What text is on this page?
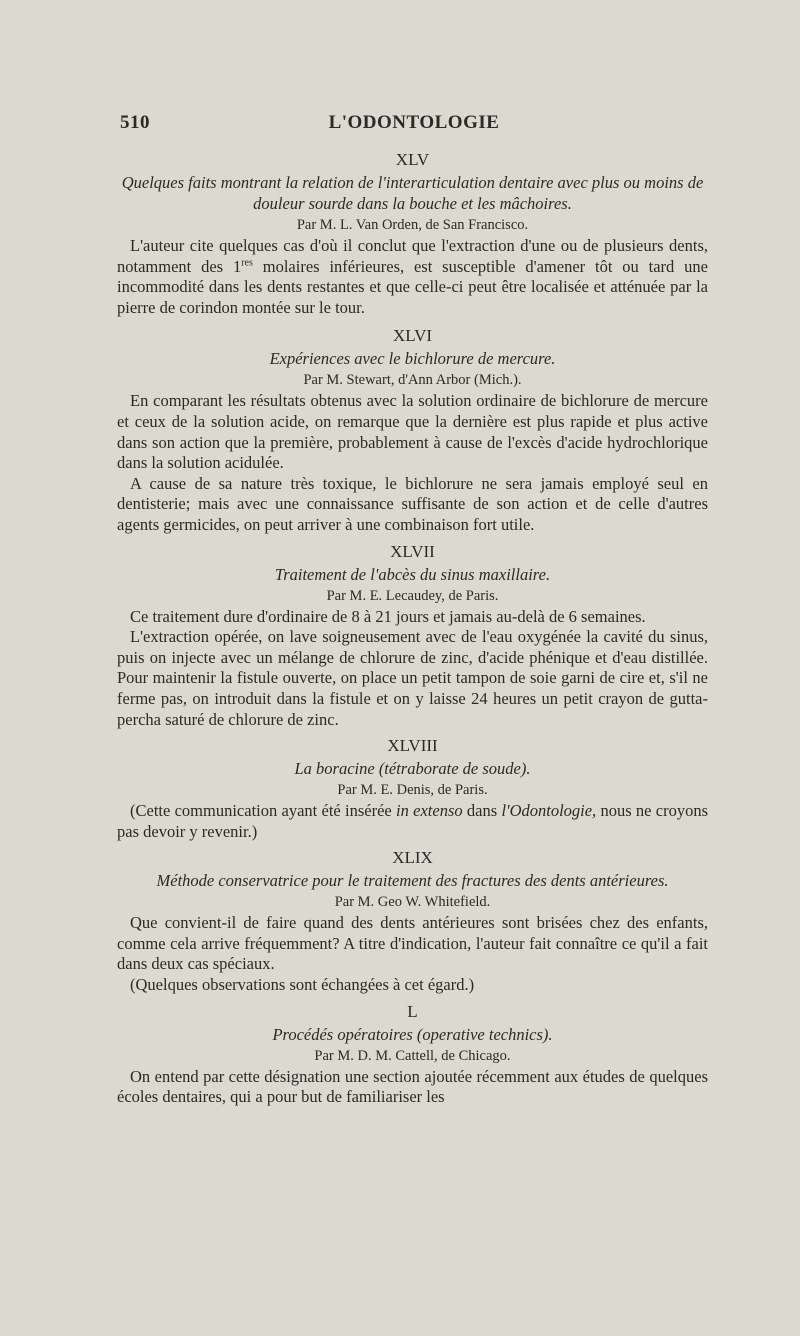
510	L'ODONTOLOGIE

XLV

Quelques faits montrant la relation de l'interarticulation dentaire avec plus ou moins de douleur sourde dans la bouche et les mâchoires.

Par M. L. Van Orden, de San Francisco.

L'auteur cite quelques cas d'où il conclut que l'extraction d'une ou de plusieurs dents, notamment des 1res molaires inférieures, est susceptible d'amener tôt ou tard une incommodité dans les dents restantes et que celle-ci peut être localisée et atténuée par la pierre de corindon montée sur le tour.

XLVI

Expériences avec le bichlorure de mercure.

Par M. Stewart, d'Ann Arbor (Mich.).

En comparant les résultats obtenus avec la solution ordinaire de bichlorure de mercure et ceux de la solution acide, on remarque que la dernière est plus rapide et plus active dans son action que la première, probablement à cause de l'excès d'acide hydrochlorique dans la solution acidulée.

A cause de sa nature très toxique, le bichlorure ne sera jamais employé seul en dentisterie; mais avec une connaissance suffisante de son action et de celle d'autres agents germicides, on peut arriver à une combinaison fort utile.

XLVII

Traitement de l'abcès du sinus maxillaire.

Par M. E. Lecaudey, de Paris.

Ce traitement dure d'ordinaire de 8 à 21 jours et jamais au-delà de 6 semaines.

L'extraction opérée, on lave soigneusement avec de l'eau oxygénée la cavité du sinus, puis on injecte avec un mélange de chlorure de zinc, d'acide phénique et d'eau distillée. Pour maintenir la fistule ouverte, on place un petit tampon de soie garni de cire et, s'il ne ferme pas, on introduit dans la fistule et on y laisse 24 heures un petit crayon de gutta-percha saturé de chlorure de zinc.

XLVIII

La boracine (tétraborate de soude).

Par M. E. Denis, de Paris.

(Cette communication ayant été insérée in extenso dans l'Odontologie, nous ne croyons pas devoir y revenir.)

XLIX

Méthode conservatrice pour le traitement des fractures des dents antérieures.

Par M. Geo W. Whitefield.

Que convient-il de faire quand des dents antérieures sont brisées chez des enfants, comme cela arrive fréquemment? A titre d'indication, l'auteur fait connaître ce qu'il a fait dans deux cas spéciaux.

(Quelques observations sont échangées à cet égard.)

L

Procédés opératoires (operative technics).

Par M. D. M. Cattell, de Chicago.

On entend par cette désignation une section ajoutée récemment aux études de quelques écoles dentaires, qui a pour but de familiariser les
